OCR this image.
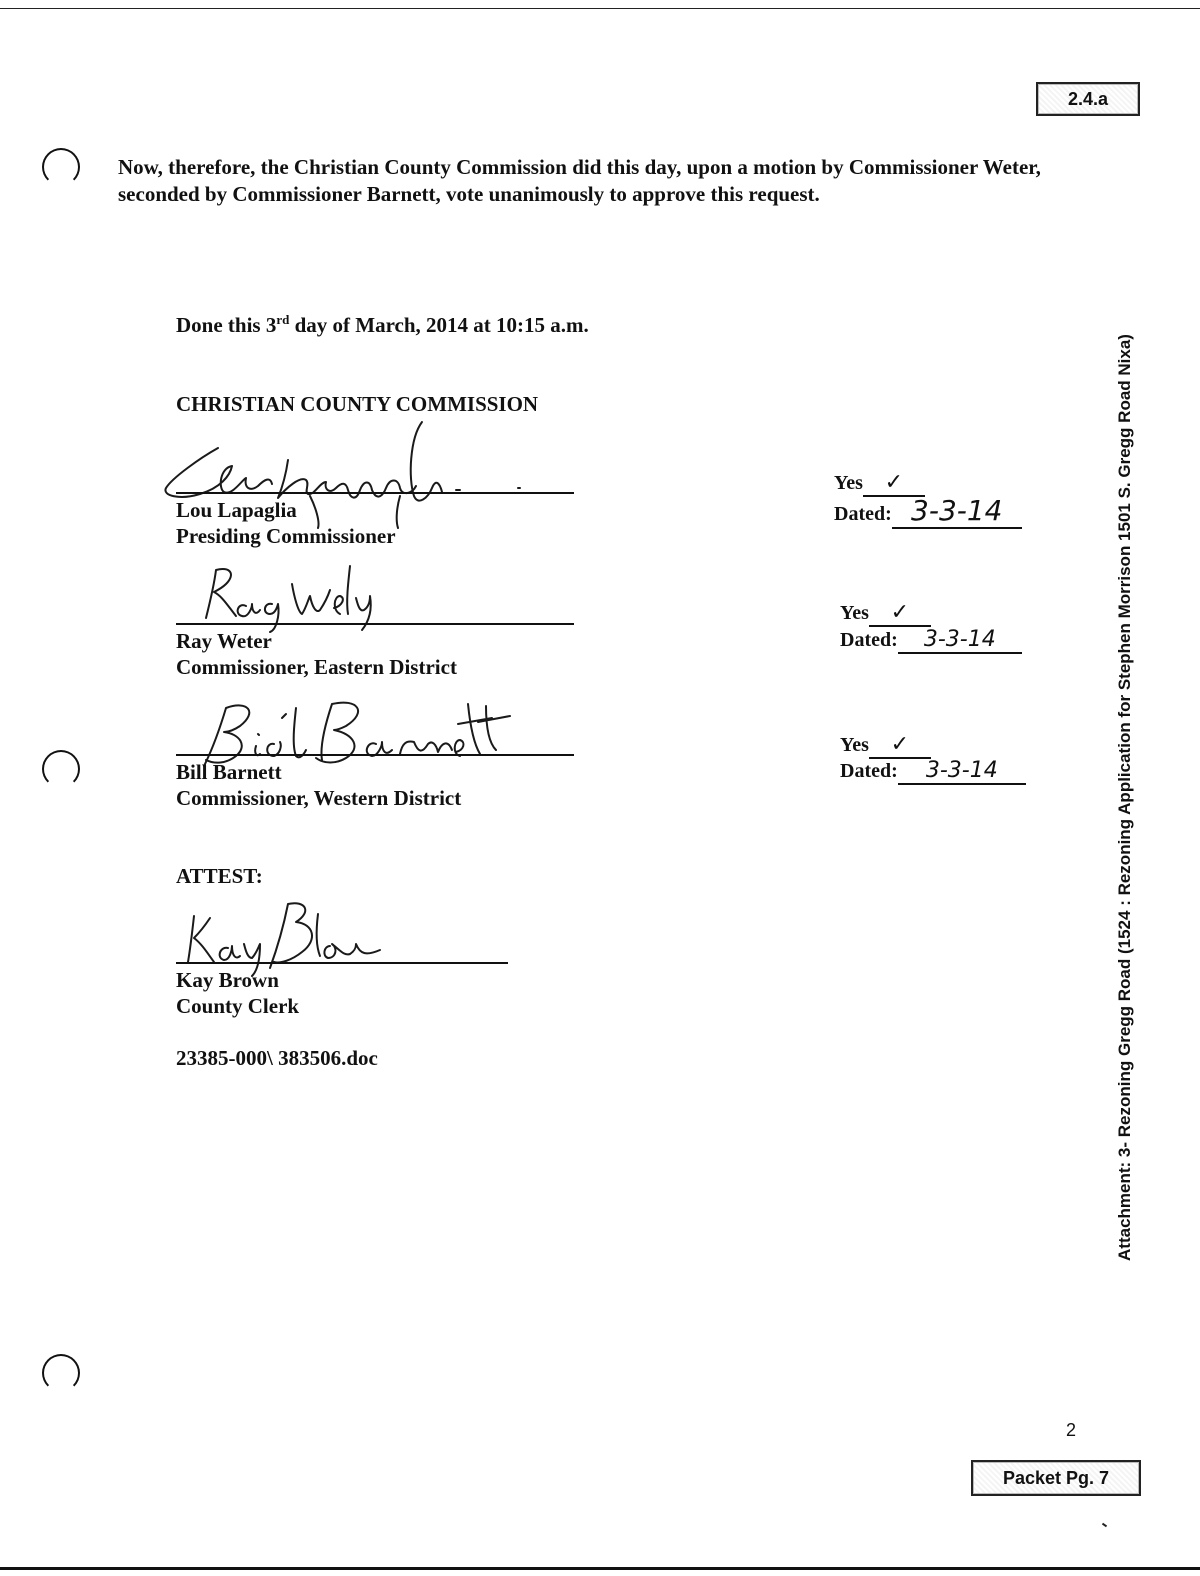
2.4.a
Now, therefore, the Christian County Commission did this day, upon a motion by Commissioner Weter, seconded by Commissioner Barnett, vote unanimously to approve this request.
Done this 3rd day of March, 2014 at 10:15 a.m.
CHRISTIAN COUNTY COMMISSION
Lou Lapaglia
Presiding Commissioner
Yes ✓
Dated: 3-3-14
Ray Weter
Commissioner, Eastern District
Yes ✓
Dated: 3-3-14
Bill Barnett
Commissioner, Western District
Yes ✓
Dated: 3-3-14
ATTEST:
Kay Brown
County Clerk
23385-000\ 383506.doc	Attachment: 3- Rezoning Gregg Road (1524 : Rezoning Application for Stephen Morrison 1501 S. Gregg Road Nixa)
2
Packet Pg. 7
